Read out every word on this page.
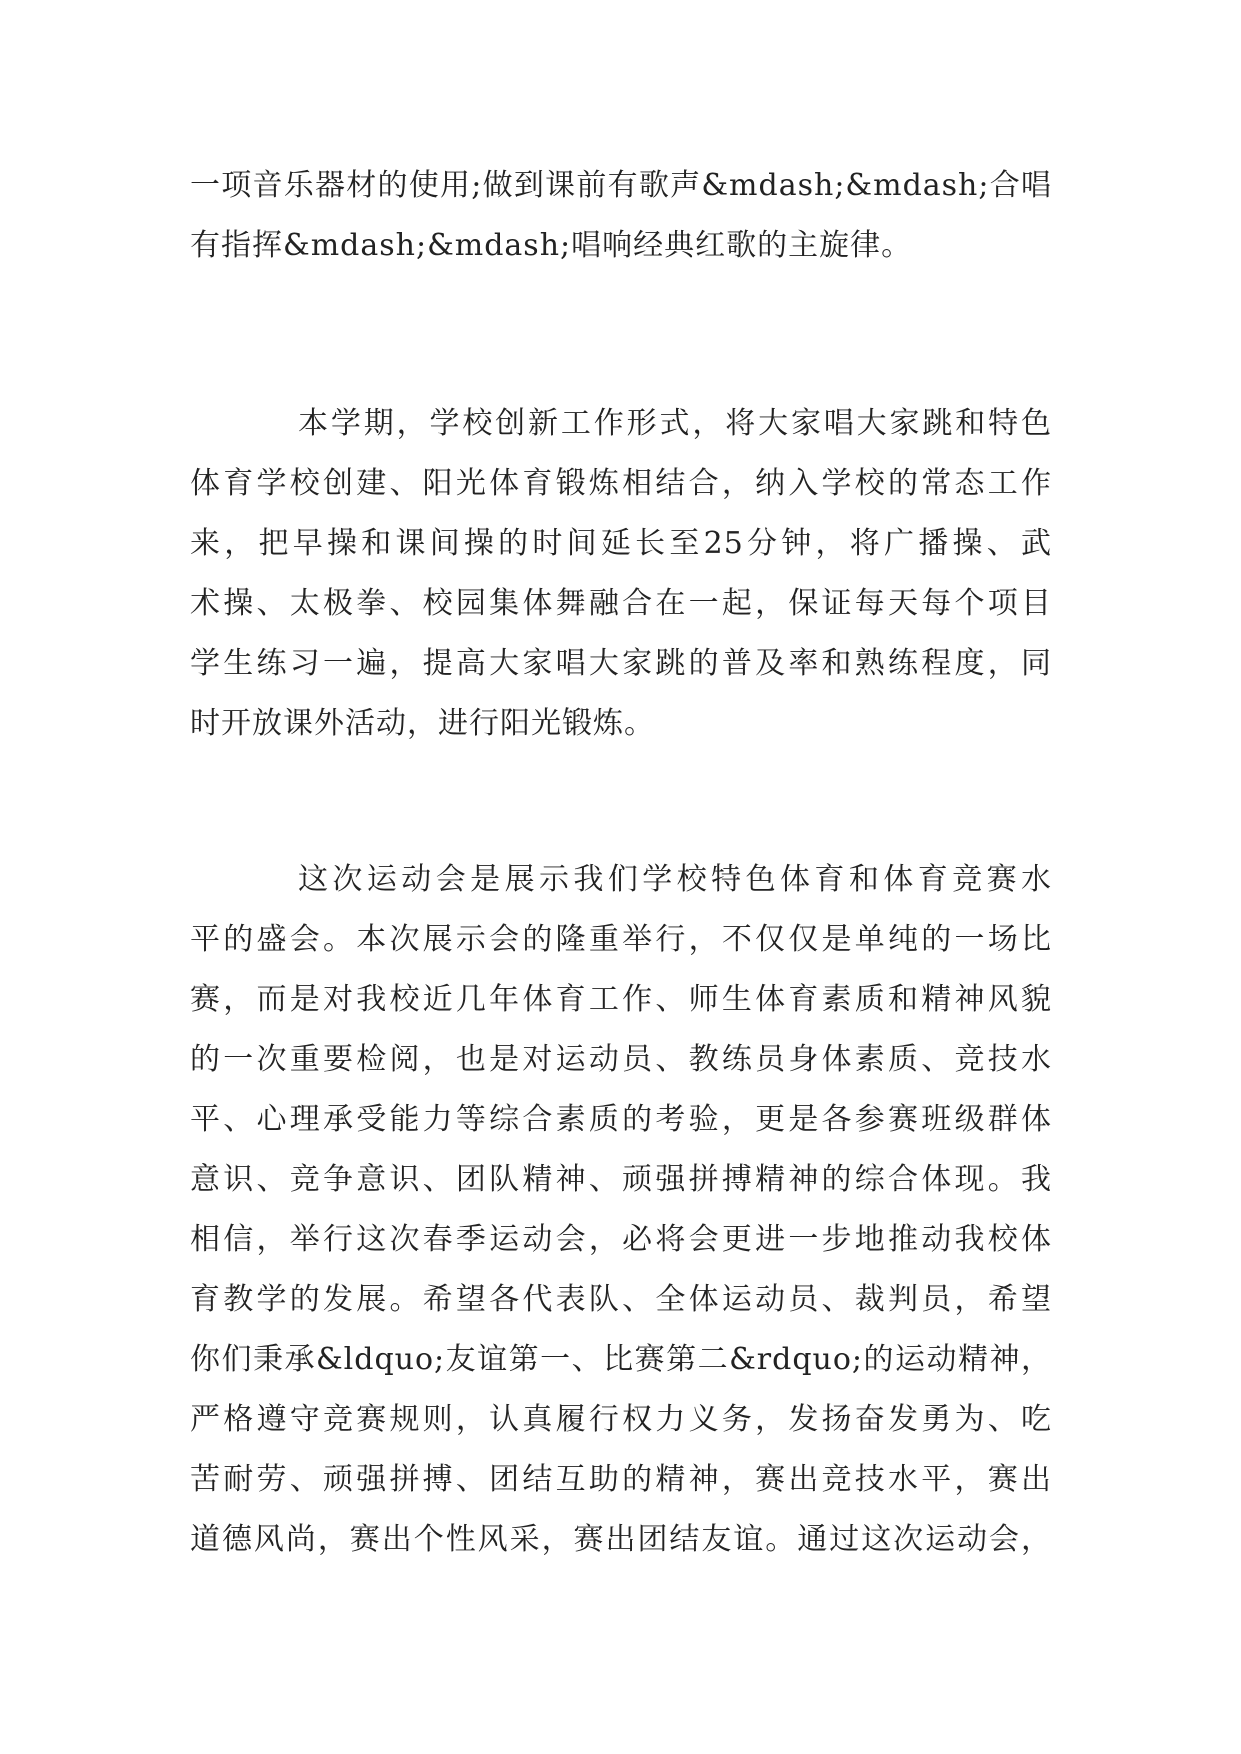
一项音乐器材的使用;做到课前有歌声&mdash;&mdash;合唱
有指挥&mdash;&mdash;唱响经典红歌的主旋律。
本学期，学校创新工作形式，将大家唱大家跳和特色
体育学校创建、阳光体育锻炼相结合，纳入学校的常态工作
来，把早操和课间操的时间延长至25分钟，将广播操、武
术操、太极拳、校园集体舞融合在一起，保证每天每个项目
学生练习一遍，提高大家唱大家跳的普及率和熟练程度，同
时开放课外活动，进行阳光锻炼。
这次运动会是展示我们学校特色体育和体育竞赛水
平的盛会。本次展示会的隆重举行，不仅仅是单纯的一场比
赛，而是对我校近几年体育工作、师生体育素质和精神风貌
的一次重要检阅，也是对运动员、教练员身体素质、竞技水
平、心理承受能力等综合素质的考验，更是各参赛班级群体
意识、竞争意识、团队精神、顽强拼搏精神的综合体现。我
相信，举行这次春季运动会，必将会更进一步地推动我校体
育教学的发展。希望各代表队、全体运动员、裁判员，希望
你们秉承&ldquo;友谊第一、比赛第二&rdquo;的运动精神，
严格遵守竞赛规则，认真履行权力义务，发扬奋发勇为、吃
苦耐劳、顽强拼搏、团结互助的精神，赛出竞技水平，赛出
道德风尚，赛出个性风采，赛出团结友谊。通过这次运动会，
